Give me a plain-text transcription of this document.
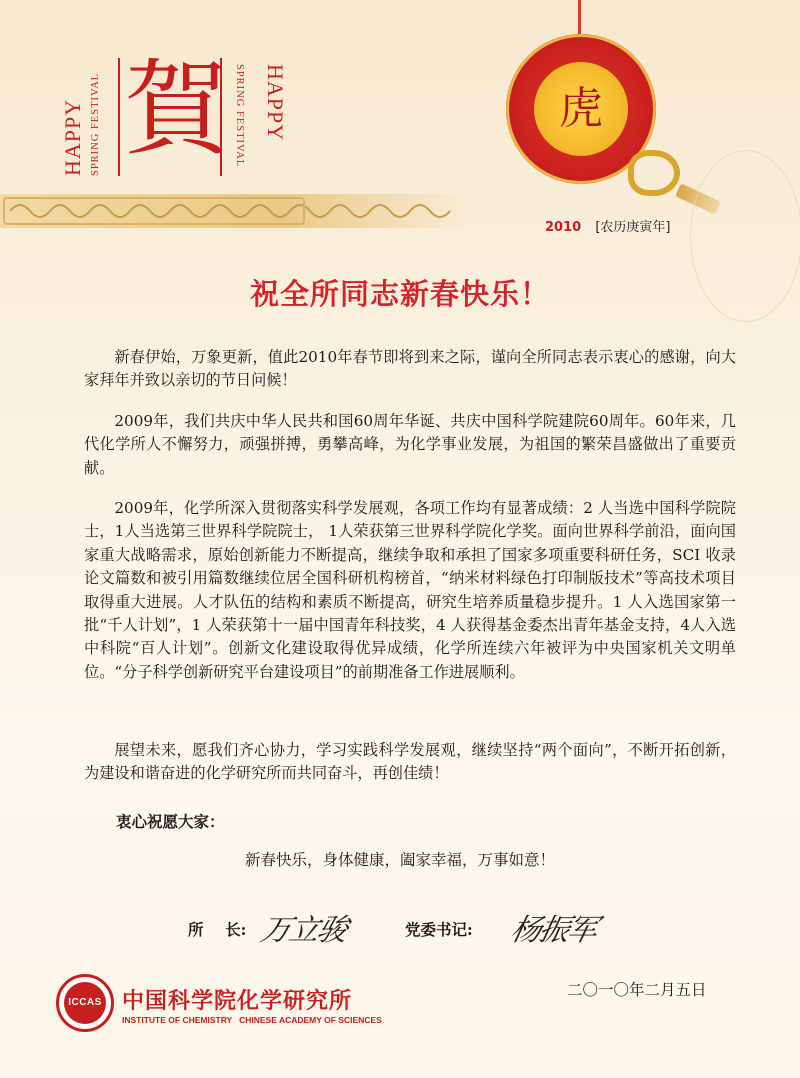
HAPPY SPRING FESTIVAL 賀 SPRING FESTIVAL HAPPY	虎
2010 [农历庚寅年]
祝全所同志新春快乐！
新春伊始，万象更新，值此2010年春节即将到来之际，谨向全所同志表示衷心的感谢，向大家拜年并致以亲切的节日问候！
2009年，我们共庆中华人民共和国60周年华诞、共庆中国科学院建院60周年。60年来，几代化学所人不懈努力，顽强拼搏，勇攀高峰，为化学事业发展，为祖国的繁荣昌盛做出了重要贡献。
2009年，化学所深入贯彻落实科学发展观，各项工作均有显著成绩：2 人当选中国科学院院士，1人当选第三世界科学院院士， 1人荣获第三世界科学院化学奖。面向世界科学前沿，面向国家重大战略需求，原始创新能力不断提高，继续争取和承担了国家多项重要科研任务，SCI 收录论文篇数和被引用篇数继续位居全国科研机构榜首，“纳米材料绿色打印制版技术”等高技术项目取得重大进展。人才队伍的结构和素质不断提高，研究生培养质量稳步提升。1 人入选国家第一批“千人计划”，1 人荣获第十一届中国青年科技奖，4 人获得基金委杰出青年基金支持，4人入选中科院“百人计划”。创新文化建设取得优异成绩，化学所连续六年被评为中央国家机关文明单位。“分子科学创新研究平台建设项目”的前期准备工作进展顺利。
展望未来，愿我们齐心协力，学习实践科学发展观，继续坚持“两个面向”，不断开拓创新，为建设和谐奋进的化学研究所而共同奋斗，再创佳绩！
衷心祝愿大家：
新春快乐，身体健康，阖家幸福，万事如意！
所    长: 万立骏	党委书记: 杨振军
ICCAS 中国科学院化学研究所
INSTITUTE OF CHEMISTRY   CHINESE ACADEMY OF SCIENCES
二〇一〇年二月五日
